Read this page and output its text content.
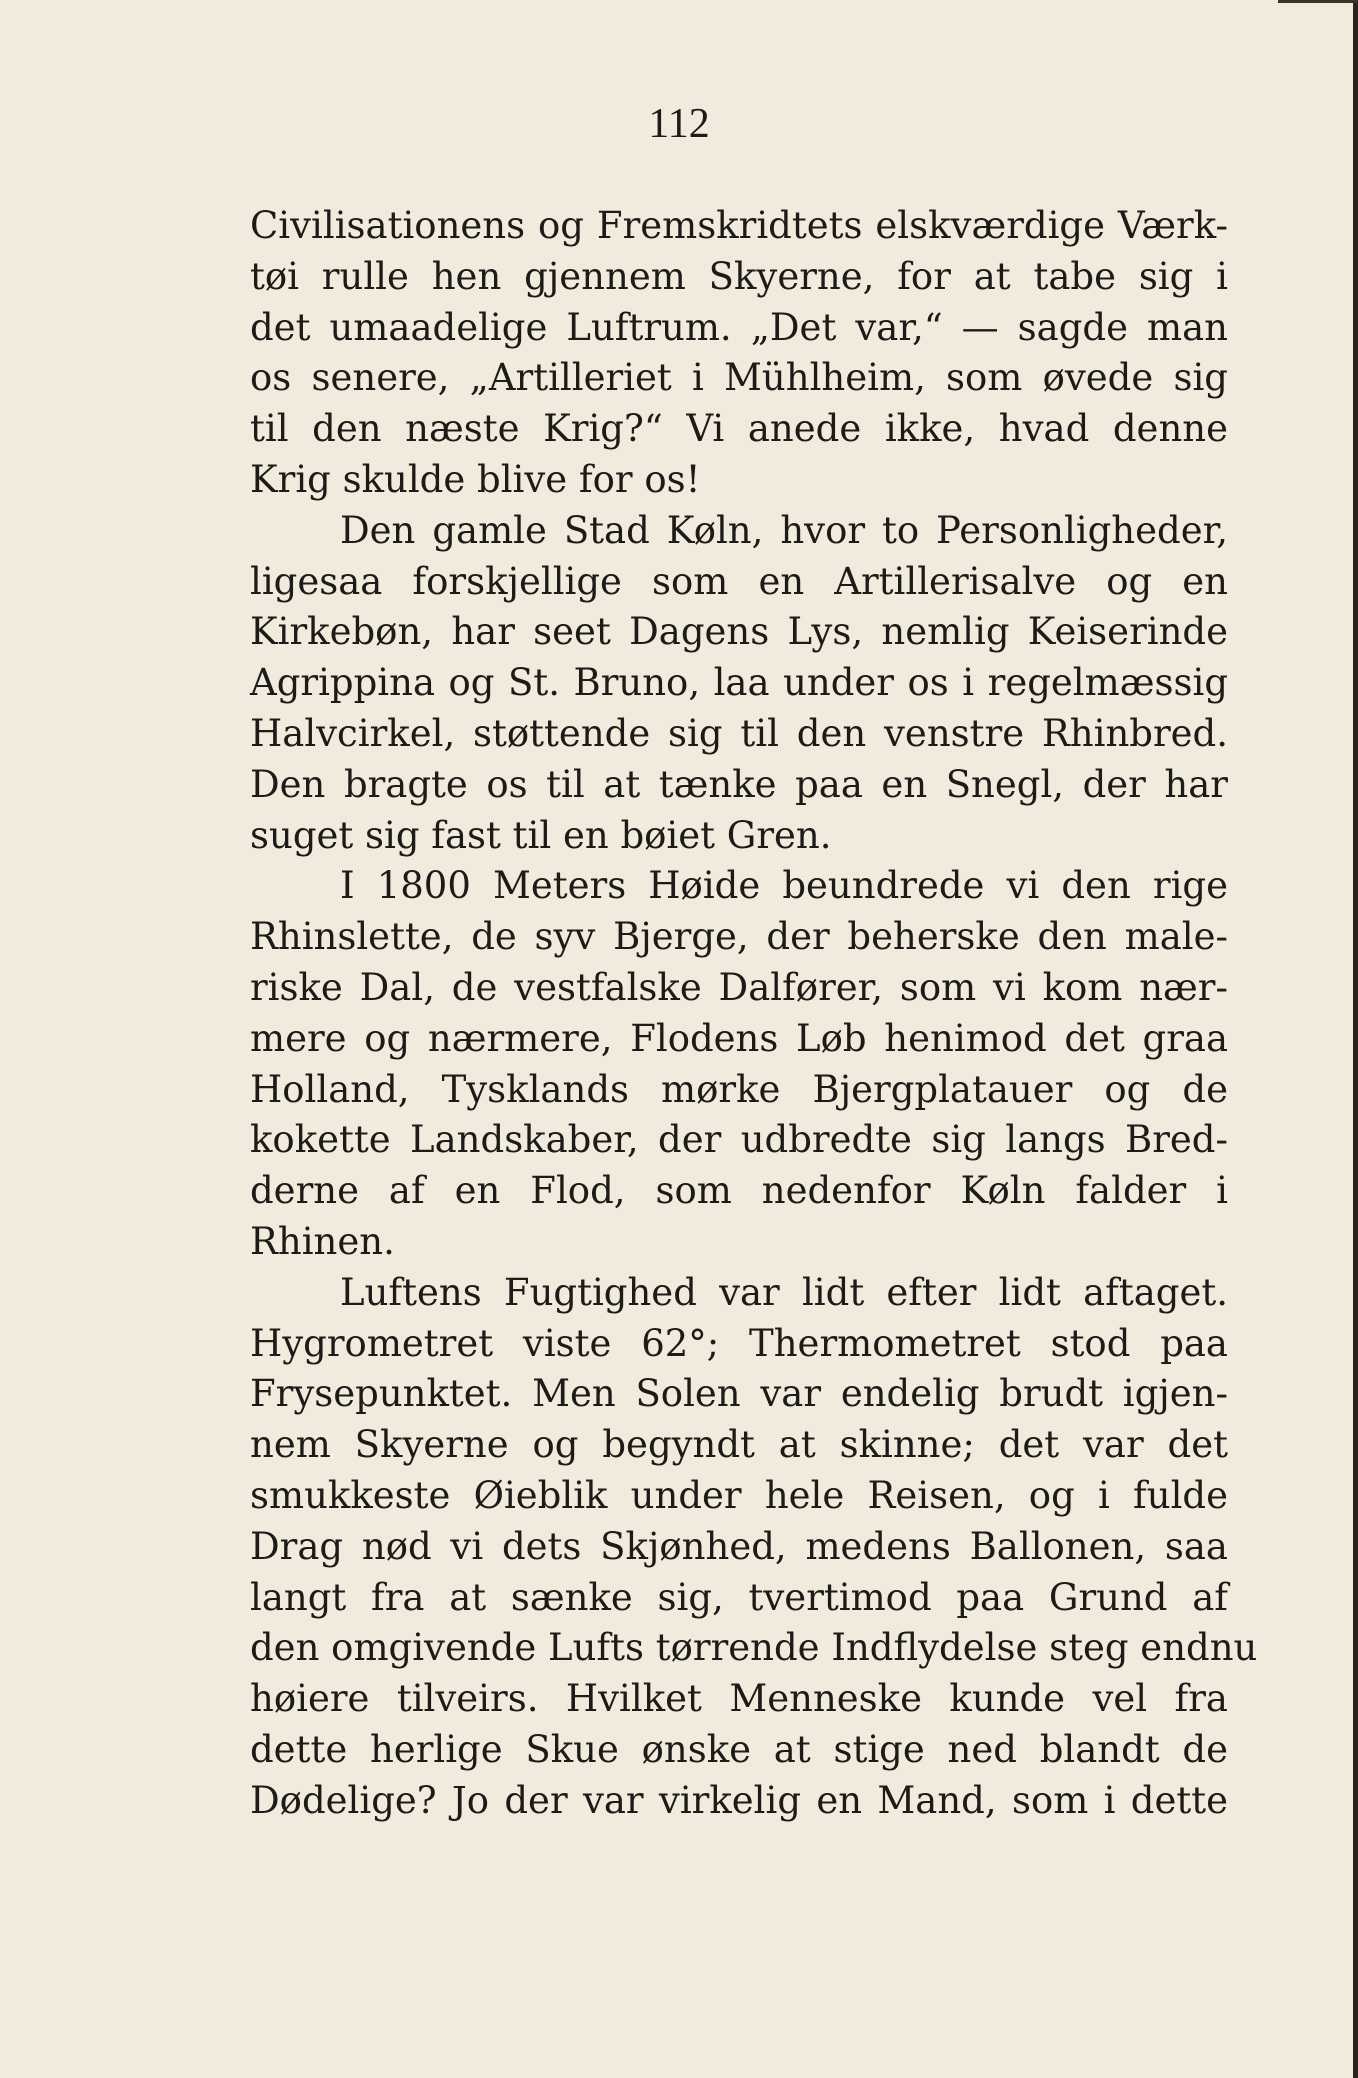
112
Civilisationens og Fremskridtets elskværdige Værk-
tøi rulle hen gjennem Skyerne, for at tabe sig i
det umaadelige Luftrum. „Det var,“ — sagde man
os senere, „Artilleriet i Mühlheim, som øvede sig
til den næste Krig?“ Vi anede ikke, hvad denne
Krig skulde blive for os!
Den gamle Stad Køln, hvor to Personligheder,
ligesaa forskjellige som en Artillerisalve og en
Kirkebøn, har seet Dagens Lys, nemlig Keiserinde
Agrippina og St. Bruno, laa under os i regelmæssig
Halvcirkel, støttende sig til den venstre Rhinbred.
Den bragte os til at tænke paa en Snegl, der har
suget sig fast til en bøiet Gren.
I 1800 Meters Høide beundrede vi den rige
Rhinslette, de syv Bjerge, der beherske den male-
riske Dal, de vestfalske Dalfører, som vi kom nær-
mere og nærmere, Flodens Løb henimod det graa
Holland, Tysklands mørke Bjergplatauer og de
kokette Landskaber, der udbredte sig langs Bred-
derne af en Flod, som nedenfor Køln falder i
Rhinen.
Luftens Fugtighed var lidt efter lidt aftaget.
Hygrometret viste 62°; Thermometret stod paa
Frysepunktet. Men Solen var endelig brudt igjen-
nem Skyerne og begyndt at skinne; det var det
smukkeste Øieblik under hele Reisen, og i fulde
Drag nød vi dets Skjønhed, medens Ballonen, saa
langt fra at sænke sig, tvertimod paa Grund af
den omgivende Lufts tørrende Indflydelse steg endnu
høiere tilveirs. Hvilket Menneske kunde vel fra
dette herlige Skue ønske at stige ned blandt de
Dødelige? Jo der var virkelig en Mand, som i dette
